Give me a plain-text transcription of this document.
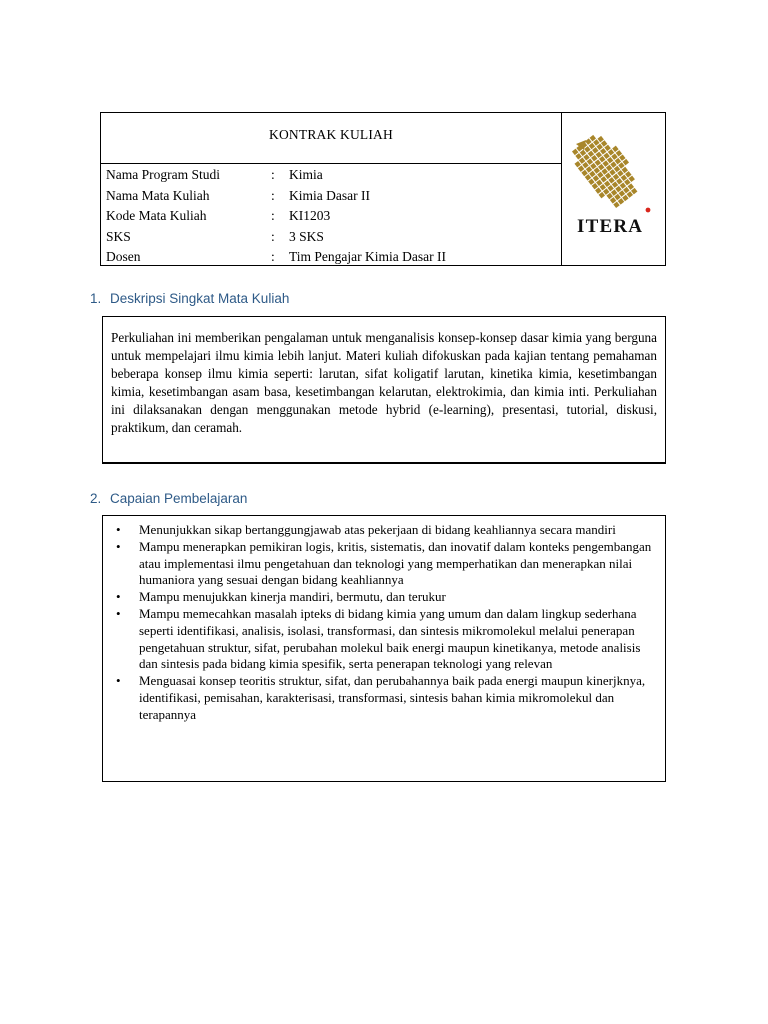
KONTRAK KULIAH
Nama Program Studi	: Kimia
Nama Mata Kuliah	: Kimia Dasar II
Kode Mata Kuliah	: KI1203
SKS	: 3 SKS
Dosen	: Tim Pengajar Kimia Dasar II
ITERA
1. Deskripsi Singkat Mata Kuliah

Perkuliahan ini memberikan pengalaman untuk menganalisis konsep-konsep dasar kimia yang berguna untuk mempelajari ilmu kimia lebih lanjut. Materi kuliah difokuskan pada kajian tentang pemahaman beberapa konsep ilmu kimia seperti: larutan, sifat koligatif larutan, kinetika kimia, kesetimbangan kimia, kesetimbangan asam basa, kesetimbangan kelarutan, elektrokimia, dan kimia inti. Perkuliahan ini dilaksanakan dengan menggunakan metode hybrid (e-learning), presentasi, tutorial, diskusi, praktikum, dan ceramah.

2. Capaian Pembelajaran
• Menunjukkan sikap bertanggungjawab atas pekerjaan di bidang keahliannya secara mandiri
• Mampu menerapkan pemikiran logis, kritis, sistematis, dan inovatif dalam konteks pengembangan atau implementasi ilmu pengetahuan dan teknologi yang memperhatikan dan menerapkan nilai humaniora yang sesuai dengan bidang keahliannya
• Mampu menujukkan kinerja mandiri, bermutu, dan terukur
• Mampu memecahkan masalah ipteks di bidang kimia yang umum dan dalam lingkup sederhana seperti identifikasi, analisis, isolasi, transformasi, dan sintesis mikromolekul melalui penerapan pengetahuan struktur, sifat, perubahan molekul baik energi maupun kinetikanya, metode analisis dan sintesis pada bidang kimia spesifik, serta penerapan teknologi yang relevan
• Menguasai konsep teoritis struktur, sifat, dan perubahannya baik pada energi maupun kinerjknya, identifikasi, pemisahan, karakterisasi, transformasi, sintesis bahan kimia mikromolekul dan terapannya
